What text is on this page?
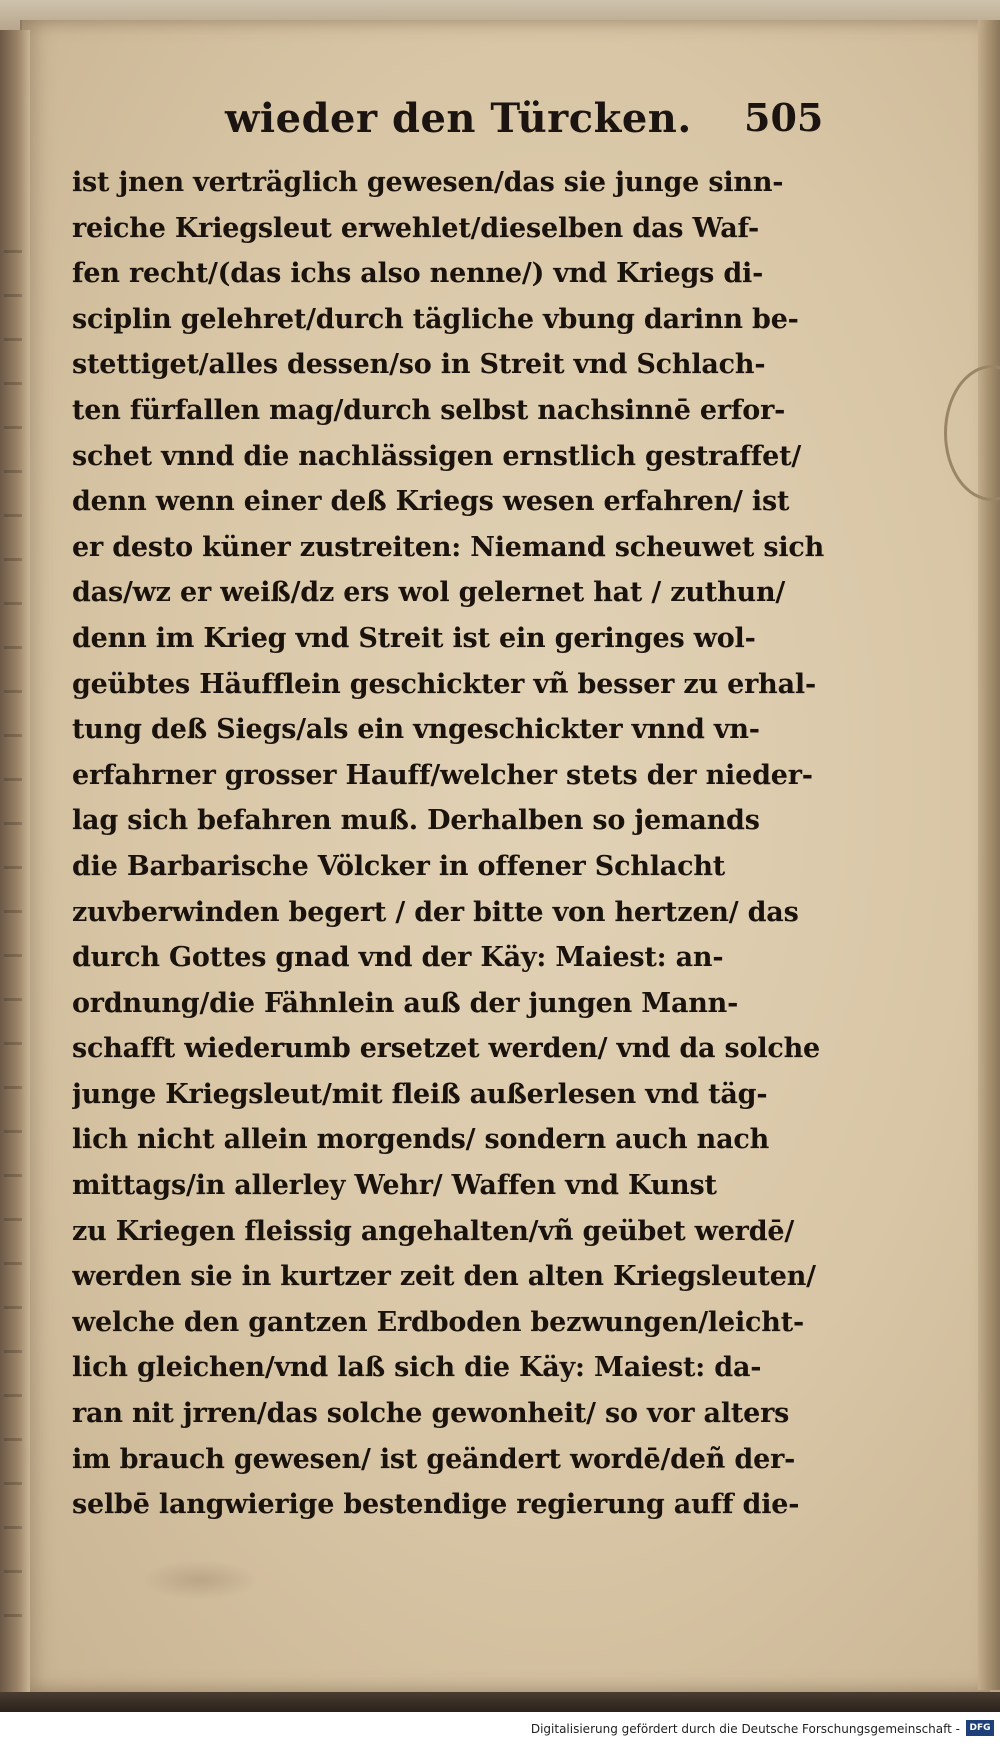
wieder den Türcken. 505
ist jnen verträglich gewesen/das sie junge sinn-
reiche Kriegsleut erwehlet/dieselben das Waf-
fen recht/(das ichs also nenne/) vnd Kriegs di-
sciplin gelehret/durch tägliche vbung darinn be-
stettiget/alles dessen/so in Streit vnd Schlach-
ten fürfallen mag/durch selbst nachsinnē erfor-
schet vnnd die nachlässigen ernstlich gestraffet/
denn wenn einer deß Kriegs wesen erfahren/ ist
er desto küner zustreiten: Niemand scheuwet sich
das/wz er weiß/dz ers wol gelernet hat / zuthun/
denn im Krieg vnd Streit ist ein geringes wol-
geübtes Häufflein geschickter vñ besser zu erhal-
tung deß Siegs/als ein vngeschickter vnnd vn-
erfahrner grosser Hauff/welcher stets der nieder-
lag sich befahren muß. Derhalben so jemands
die Barbarische Völcker in offener Schlacht
zuvberwinden begert / der bitte von hertzen/ das
durch Gottes gnad vnd der Käy: Maiest: an-
ordnung/die Fähnlein auß der jungen Mann-
schafft wiederumb ersetzet werden/ vnd da solche
junge Kriegsleut/mit fleiß außerlesen vnd täg-
lich nicht allein morgends/ sondern auch nach
mittags/in allerley Wehr/ Waffen vnd Kunst
zu Kriegen fleissig angehalten/vñ geübet werdē/
werden sie in kurtzer zeit den alten Kriegsleuten/
welche den gantzen Erdboden bezwungen/leicht-
lich gleichen/vnd laß sich die Käy: Maiest: da-
ran nit jrren/das solche gewonheit/ so vor alters
im brauch gewesen/ ist geändert wordē/deñ der-
selbē langwierige bestendige regierung auff die-
Digitalisierung gefördert durch die Deutsche Forschungsgemeinschaft -	DFG
